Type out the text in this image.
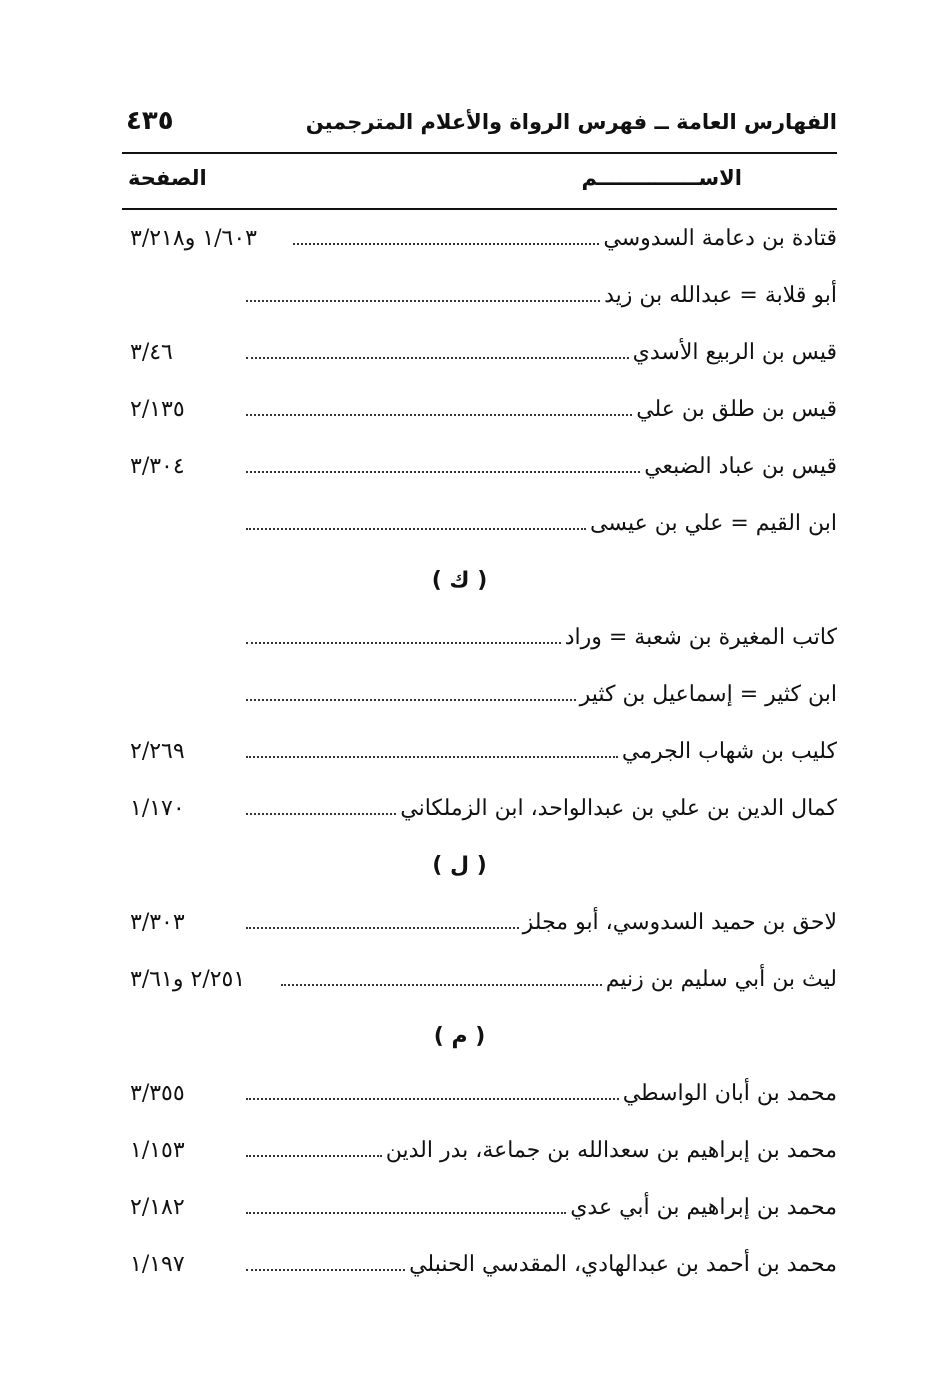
الفهارس العامة ــ فهرس الرواة والأعلام المترجمين
٤٣٥
الاســــــــــــــم
الصفحة
قتادة بن دعامة السدوسي
١/٦٠٣ و٣/٢١٨
أبو قلابة = عبدالله بن زيد
قيس بن الربيع الأسدي
٣/٤٦
قيس بن طلق بن علي
٢/١٣٥
قيس بن عباد الضبعي
٣/٣٠٤
ابن القيم = علي بن عيسى
( ك )
كاتب المغيرة بن شعبة = وراد
ابن كثير = إسماعيل بن كثير
كليب بن شهاب الجرمي
٢/٢٦٩
كمال الدين بن علي بن عبدالواحد، ابن الزملكاني
١/١٧٠
( ل )
لاحق بن حميد السدوسي، أبو مجلز
٣/٣٠٣
ليث بن أبي سليم بن زنيم
٢/٢٥١ و٣/٦١
( م )
محمد بن أبان الواسطي
٣/٣٥٥
محمد بن إبراهيم بن سعدالله بن جماعة، بدر الدين
١/١٥٣
محمد بن إبراهيم بن أبي عدي
٢/١٨٢
محمد بن أحمد بن عبدالهادي، المقدسي الحنبلي
١/١٩٧
